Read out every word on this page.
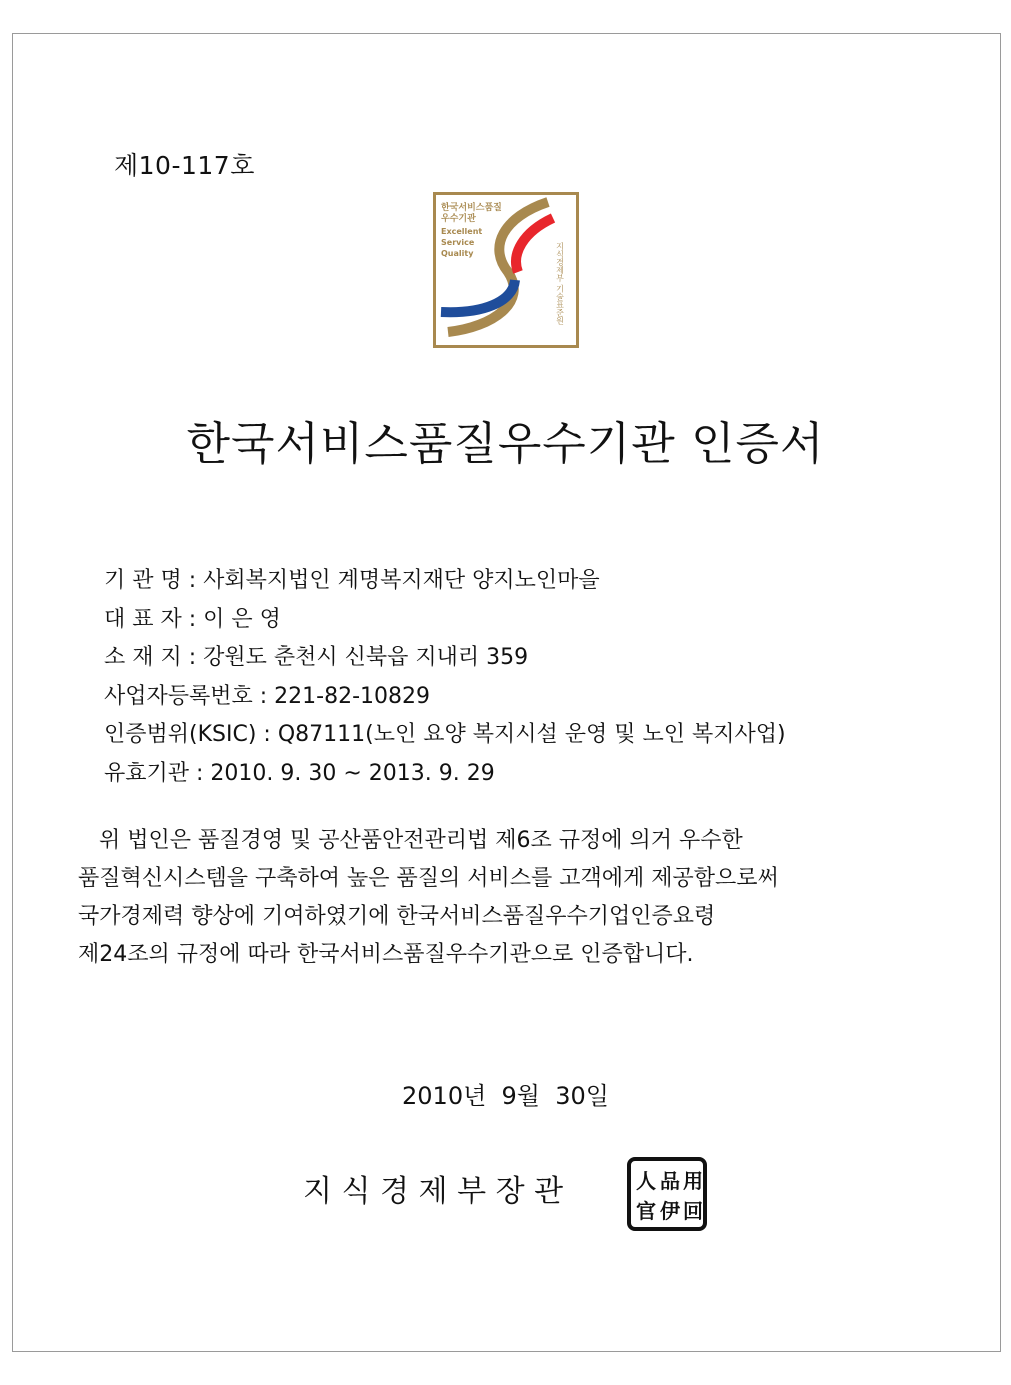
제10-117호
한국서비스품질
우수기관
Excellent
Service
Quality	지식경제부 기술표준원
한국서비스품질우수기관 인증서
기 관 명 : 사회복지법인 계명복지재단 양지노인마을
대 표 자 : 이 은 영
소 재 지 : 강원도 춘천시 신북읍 지내리 359
사업자등록번호 : 221-82-10829
인증범위(KSIC) : Q87111(노인 요양 복지시설 운영 및 노인 복지사업)
유효기관 : 2010. 9. 30 ~ 2013. 9. 29
위 법인은 품질경영 및 공산품안전관리법 제6조 규정에 의거 우수한
품질혁신시스템을 구축하여 높은 품질의 서비스를 고객에게 제공함으로써
국가경제력 향상에 기여하였기에 한국서비스품질우수기업인증요령
제24조의 규정에 따라 한국서비스품질우수기관으로 인증합니다.
2010년  9월  30일
지 식 경 제 부 장 관	人 品 用
官 伊 回
